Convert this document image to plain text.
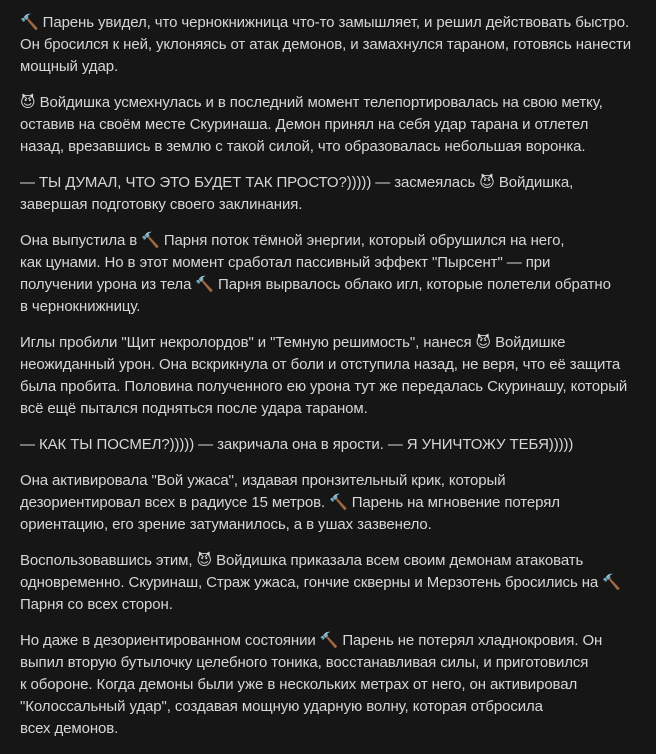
🔨 Парень увидел, что чернокнижница что-то замышляет, и решил действовать быстро.
Он бросился к ней, уклоняясь от атак демонов, и замахнулся тараном, готовясь нанести
мощный удар.

😈 Войдишка усмехнулась и в последний момент телепортировалась на свою метку,
оставив на своём месте Скуринаша. Демон принял на себя удар тарана и отлетел
назад, врезавшись в землю с такой силой, что образовалась небольшая воронка.

— ТЫ ДУМАЛ, ЧТО ЭТО БУДЕТ ТАК ПРОСТО?))))) — засмеялась 😈 Войдишка,
завершая подготовку своего заклинания.

Она выпустила в 🔨 Парня поток тёмной энергии, который обрушился на него,
как цунами. Но в этот момент сработал пассивный эффект "Пырсент" — при
получении урона из тела 🔨 Парня вырвалось облако игл, которые полетели обратно
в чернокнижницу.

Иглы пробили "Щит некролордов" и "Темную решимость", нанеся 😈 Войдишке
неожиданный урон. Она вскрикнула от боли и отступила назад, не веря, что её защита
была пробита. Половина полученного ею урона тут же передалась Скуринашу, который
всё ещё пытался подняться после удара тараном.

— КАК ТЫ ПОСМЕЛ?))))) — закричала она в ярости. — Я УНИЧТОЖУ ТЕБЯ)))))

Она активировала "Вой ужаса", издавая пронзительный крик, который
дезориентировал всех в радиусе 15 метров. 🔨 Парень на мгновение потерял
ориентацию, его зрение затуманилось, а в ушах зазвенело.

Воспользовавшись этим, 😈 Войдишка приказала всем своим демонам атаковать
одновременно. Скуринаш, Страж ужаса, гончие скверны и Мерзотень бросились на 🔨
Парня со всех сторон.

Но даже в дезориентированном состоянии 🔨 Парень не потерял хладнокровия. Он
выпил вторую бутылочку целебного тоника, восстанавливая силы, и приготовился
к обороне. Когда демоны были уже в нескольких метрах от него, он активировал
"Колоссальный удар", создавая мощную ударную волну, которая отбросила
всех демонов.
